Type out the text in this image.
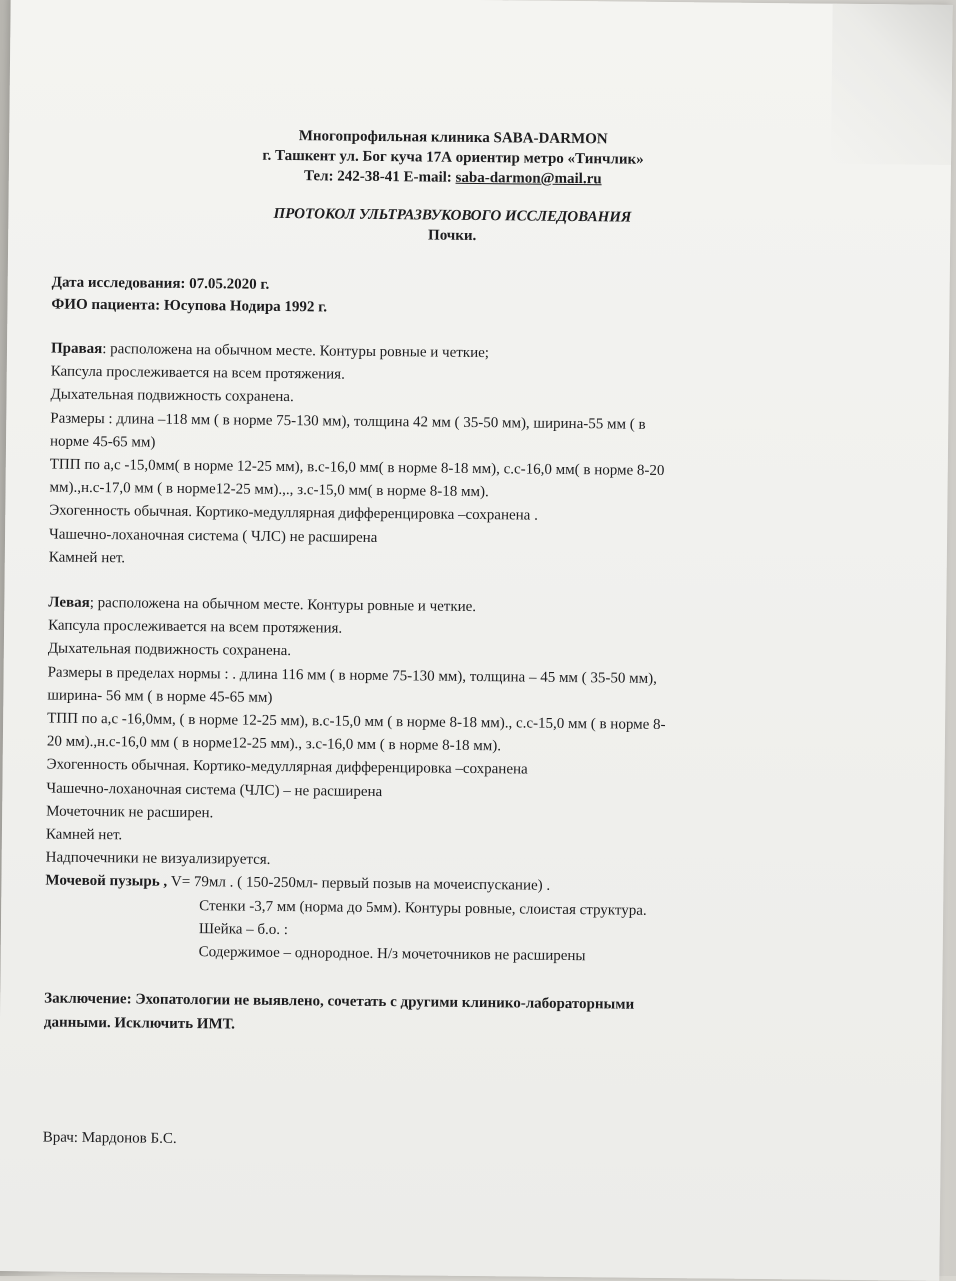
Многопрофильная клиника SABA-DARMON
г. Ташкент ул. Бог куча 17А ориентир метро «Тинчлик»
Тел: 242-38-41 E-mail: saba-darmon@mail.ru
ПРОТОКОЛ УЛЬТРАЗВУКОВОГО ИССЛЕДОВАНИЯ
Почки.
Дата исследования: 07.05.2020 г.
ФИО пациента: Юсупова Нодира 1992 г.

Правая: расположена на обычном месте. Контуры ровные и четкие;

Капсула прослеживается на всем протяжения.

Дыхательная подвижность сохранена.

Размеры : длина –118 мм ( в норме 75-130 мм), толщина 42 мм ( 35-50 мм), ширина-55 мм ( в

норме 45-65 мм)

ТПП по а,с -15,0мм( в норме 12-25 мм), в.с-16,0 мм( в норме 8-18 мм), с.с-16,0 мм( в норме 8-20

мм).,н.с-17,0 мм ( в норме12-25 мм).,., з.с-15,0 мм( в норме 8-18 мм).

Эхогенность обычная. Кортико-медуллярная дифференцировка –сохранена .

Чашечно-лоханочная система ( ЧЛС) не расширена

Камней нет.

Левая; расположена на обычном месте. Контуры ровные и четкие.

Капсула прослеживается на всем протяжения.

Дыхательная подвижность сохранена.

Размеры в пределах нормы : . длина 116 мм ( в норме 75-130 мм), толщина – 45 мм ( 35-50 мм),

ширина- 56 мм ( в норме 45-65 мм)

ТПП по а,с -16,0мм, ( в норме 12-25 мм), в.с-15,0 мм ( в норме 8-18 мм)., с.с-15,0 мм ( в норме 8-

20 мм).,н.с-16,0 мм ( в норме12-25 мм)., з.с-16,0 мм ( в норме 8-18 мм).

Эхогенность обычная. Кортико-медуллярная дифференцировка –сохранена

Чашечно-лоханочная система (ЧЛС) – не расширена

Мочеточник не расширен.

Камней нет.

Надпочечники не визуализируется.

Мочевой пузырь , V= 79мл . ( 150-250мл- первый позыв на мочеиспускание) .

Стенки -3,7 мм (норма до 5мм). Контуры ровные, слоистая структура.

Шейка – б.о. :

Содержимое – однородное. Н/з мочеточников не расширены

Заключение: Эхопатологии не выявлено, сочетать с другими клинико-лабораторными
данными. Исключить ИМТ.
Врач: Мардонов Б.С.
